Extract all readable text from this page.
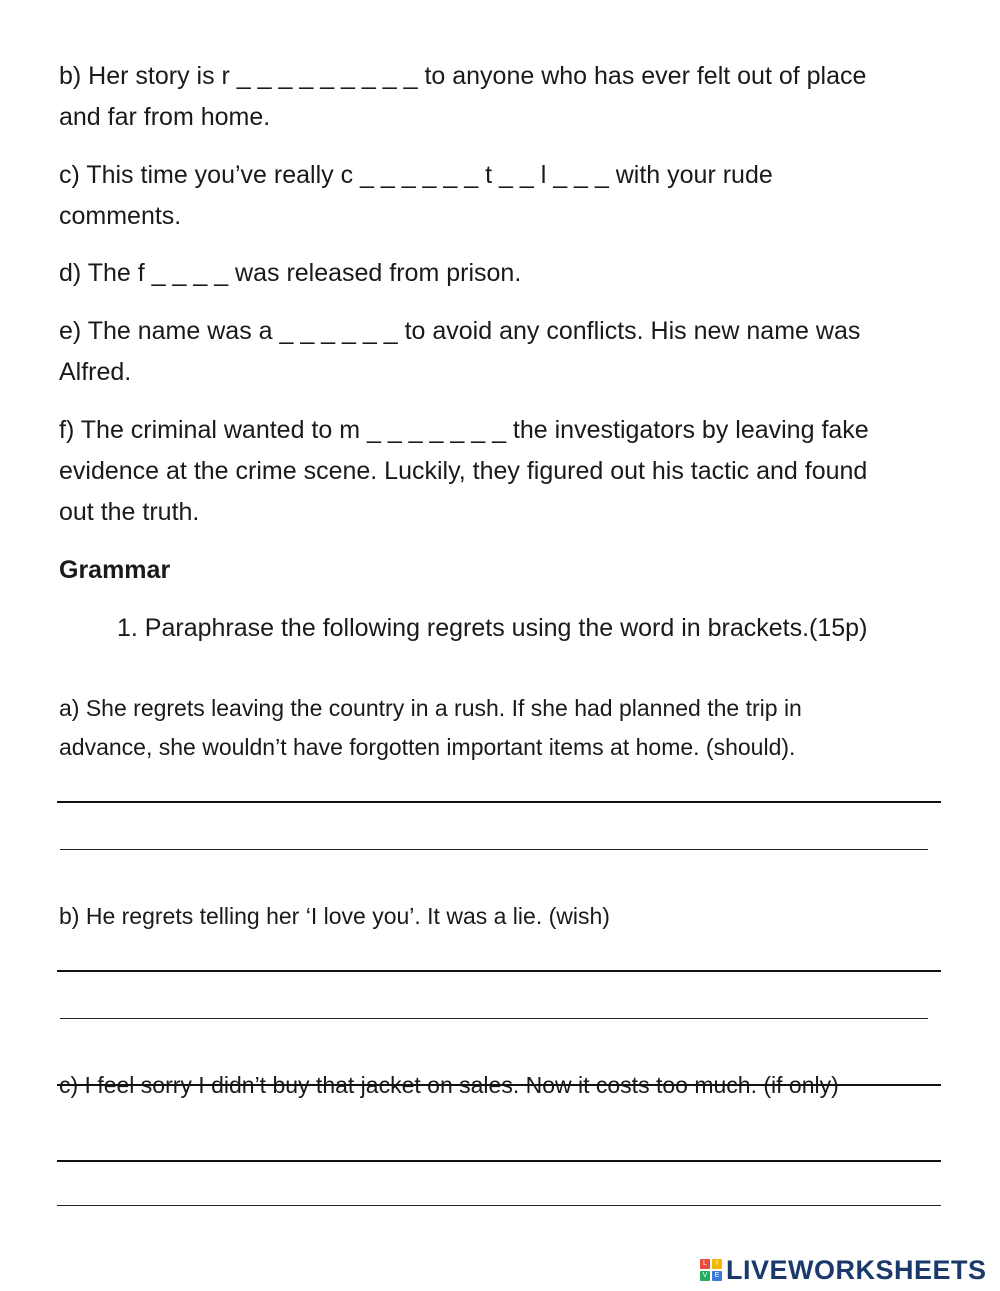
b) Her story is r _ _ _ _ _ _ _ _ _ to anyone who has ever felt out of place

and far from home.

c) This time you’ve really c _ _ _ _ _ _ t _ _ l _ _ _ with your rude

comments.

d) The f _ _ _ _ was released from prison.

e) The name was a _ _ _ _ _ _ to avoid any conflicts. His new name was

Alfred.

f) The criminal wanted to m _ _ _ _ _ _ _ the investigators by leaving fake

evidence at the crime scene. Luckily, they figured out his tactic and found

out the truth.

Grammar

1. Paraphrase the following regrets using the word in brackets.(15p)

a) She regrets leaving the country in a rush. If she had planned the trip in

advance, she wouldn’t have forgotten important items at home. (should).

b) He regrets telling her ‘I love you’. It was a lie. (wish)

c) I feel sorry I didn’t buy that jacket on sales. Now it costs too much. (if only)

L	I
V	E LIVEWORKSHEETS
